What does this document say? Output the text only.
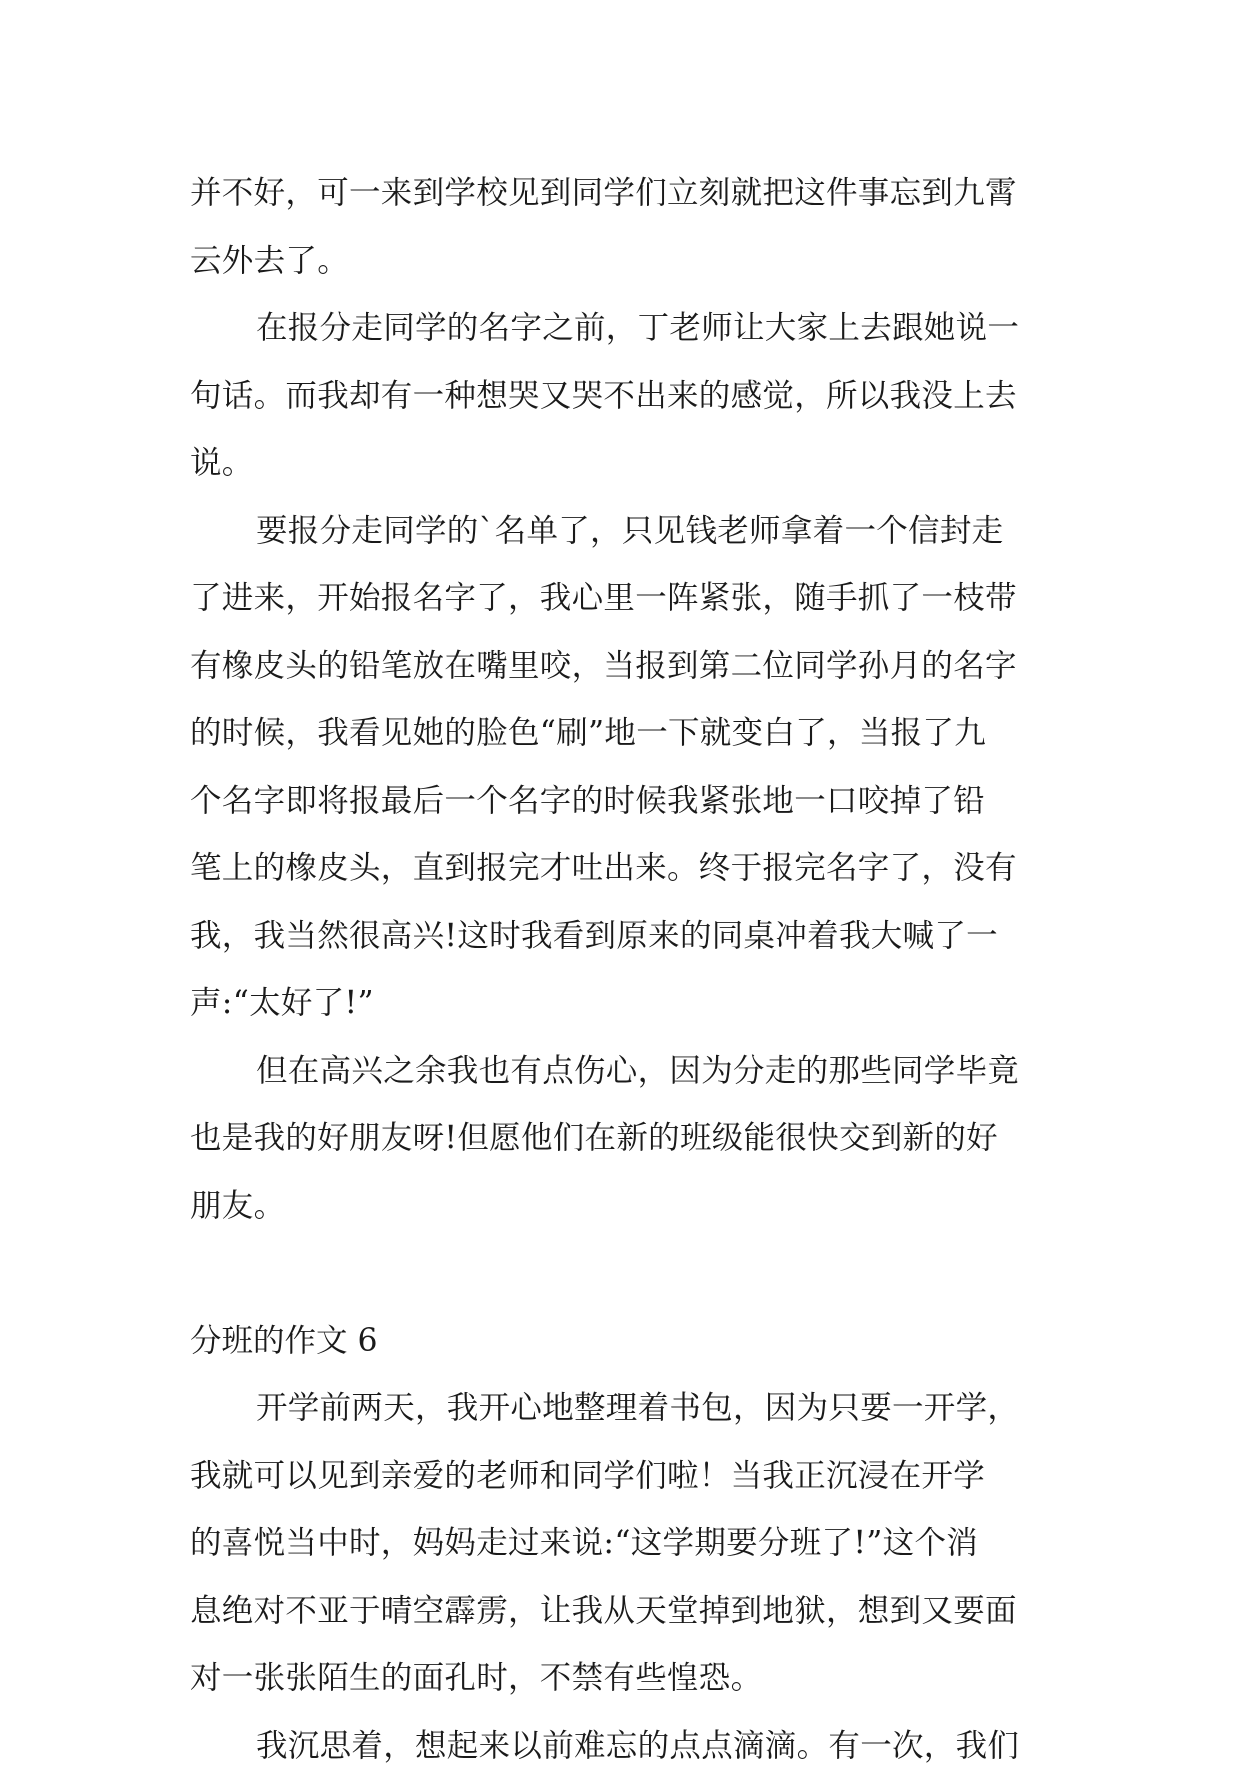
并不好，可一来到学校见到同学们立刻就把这件事忘到九霄
云外去了。
在报分走同学的名字之前，丁老师让大家上去跟她说一
句话。而我却有一种想哭又哭不出来的感觉，所以我没上去
说。
要报分走同学的`名单了，只见钱老师拿着一个信封走
了进来，开始报名字了，我心里一阵紧张，随手抓了一枝带
有橡皮头的铅笔放在嘴里咬，当报到第二位同学孙月的名字
的时候，我看见她的脸色“刷”地一下就变白了，当报了九
个名字即将报最后一个名字的时候我紧张地一口咬掉了铅
笔上的橡皮头，直到报完才吐出来。终于报完名字了，没有
我，我当然很高兴!这时我看到原来的同桌冲着我大喊了一
声:“太好了!”
但在高兴之余我也有点伤心，因为分走的那些同学毕竟
也是我的好朋友呀!但愿他们在新的班级能很快交到新的好
朋友。
分班的作文 6
开学前两天，我开心地整理着书包，因为只要一开学，
我就可以见到亲爱的老师和同学们啦！当我正沉浸在开学
的喜悦当中时，妈妈走过来说:“这学期要分班了!”这个消
息绝对不亚于晴空霹雳，让我从天堂掉到地狱，想到又要面
对一张张陌生的面孔时，不禁有些惶恐。
我沉思着，想起来以前难忘的点点滴滴。有一次，我们
